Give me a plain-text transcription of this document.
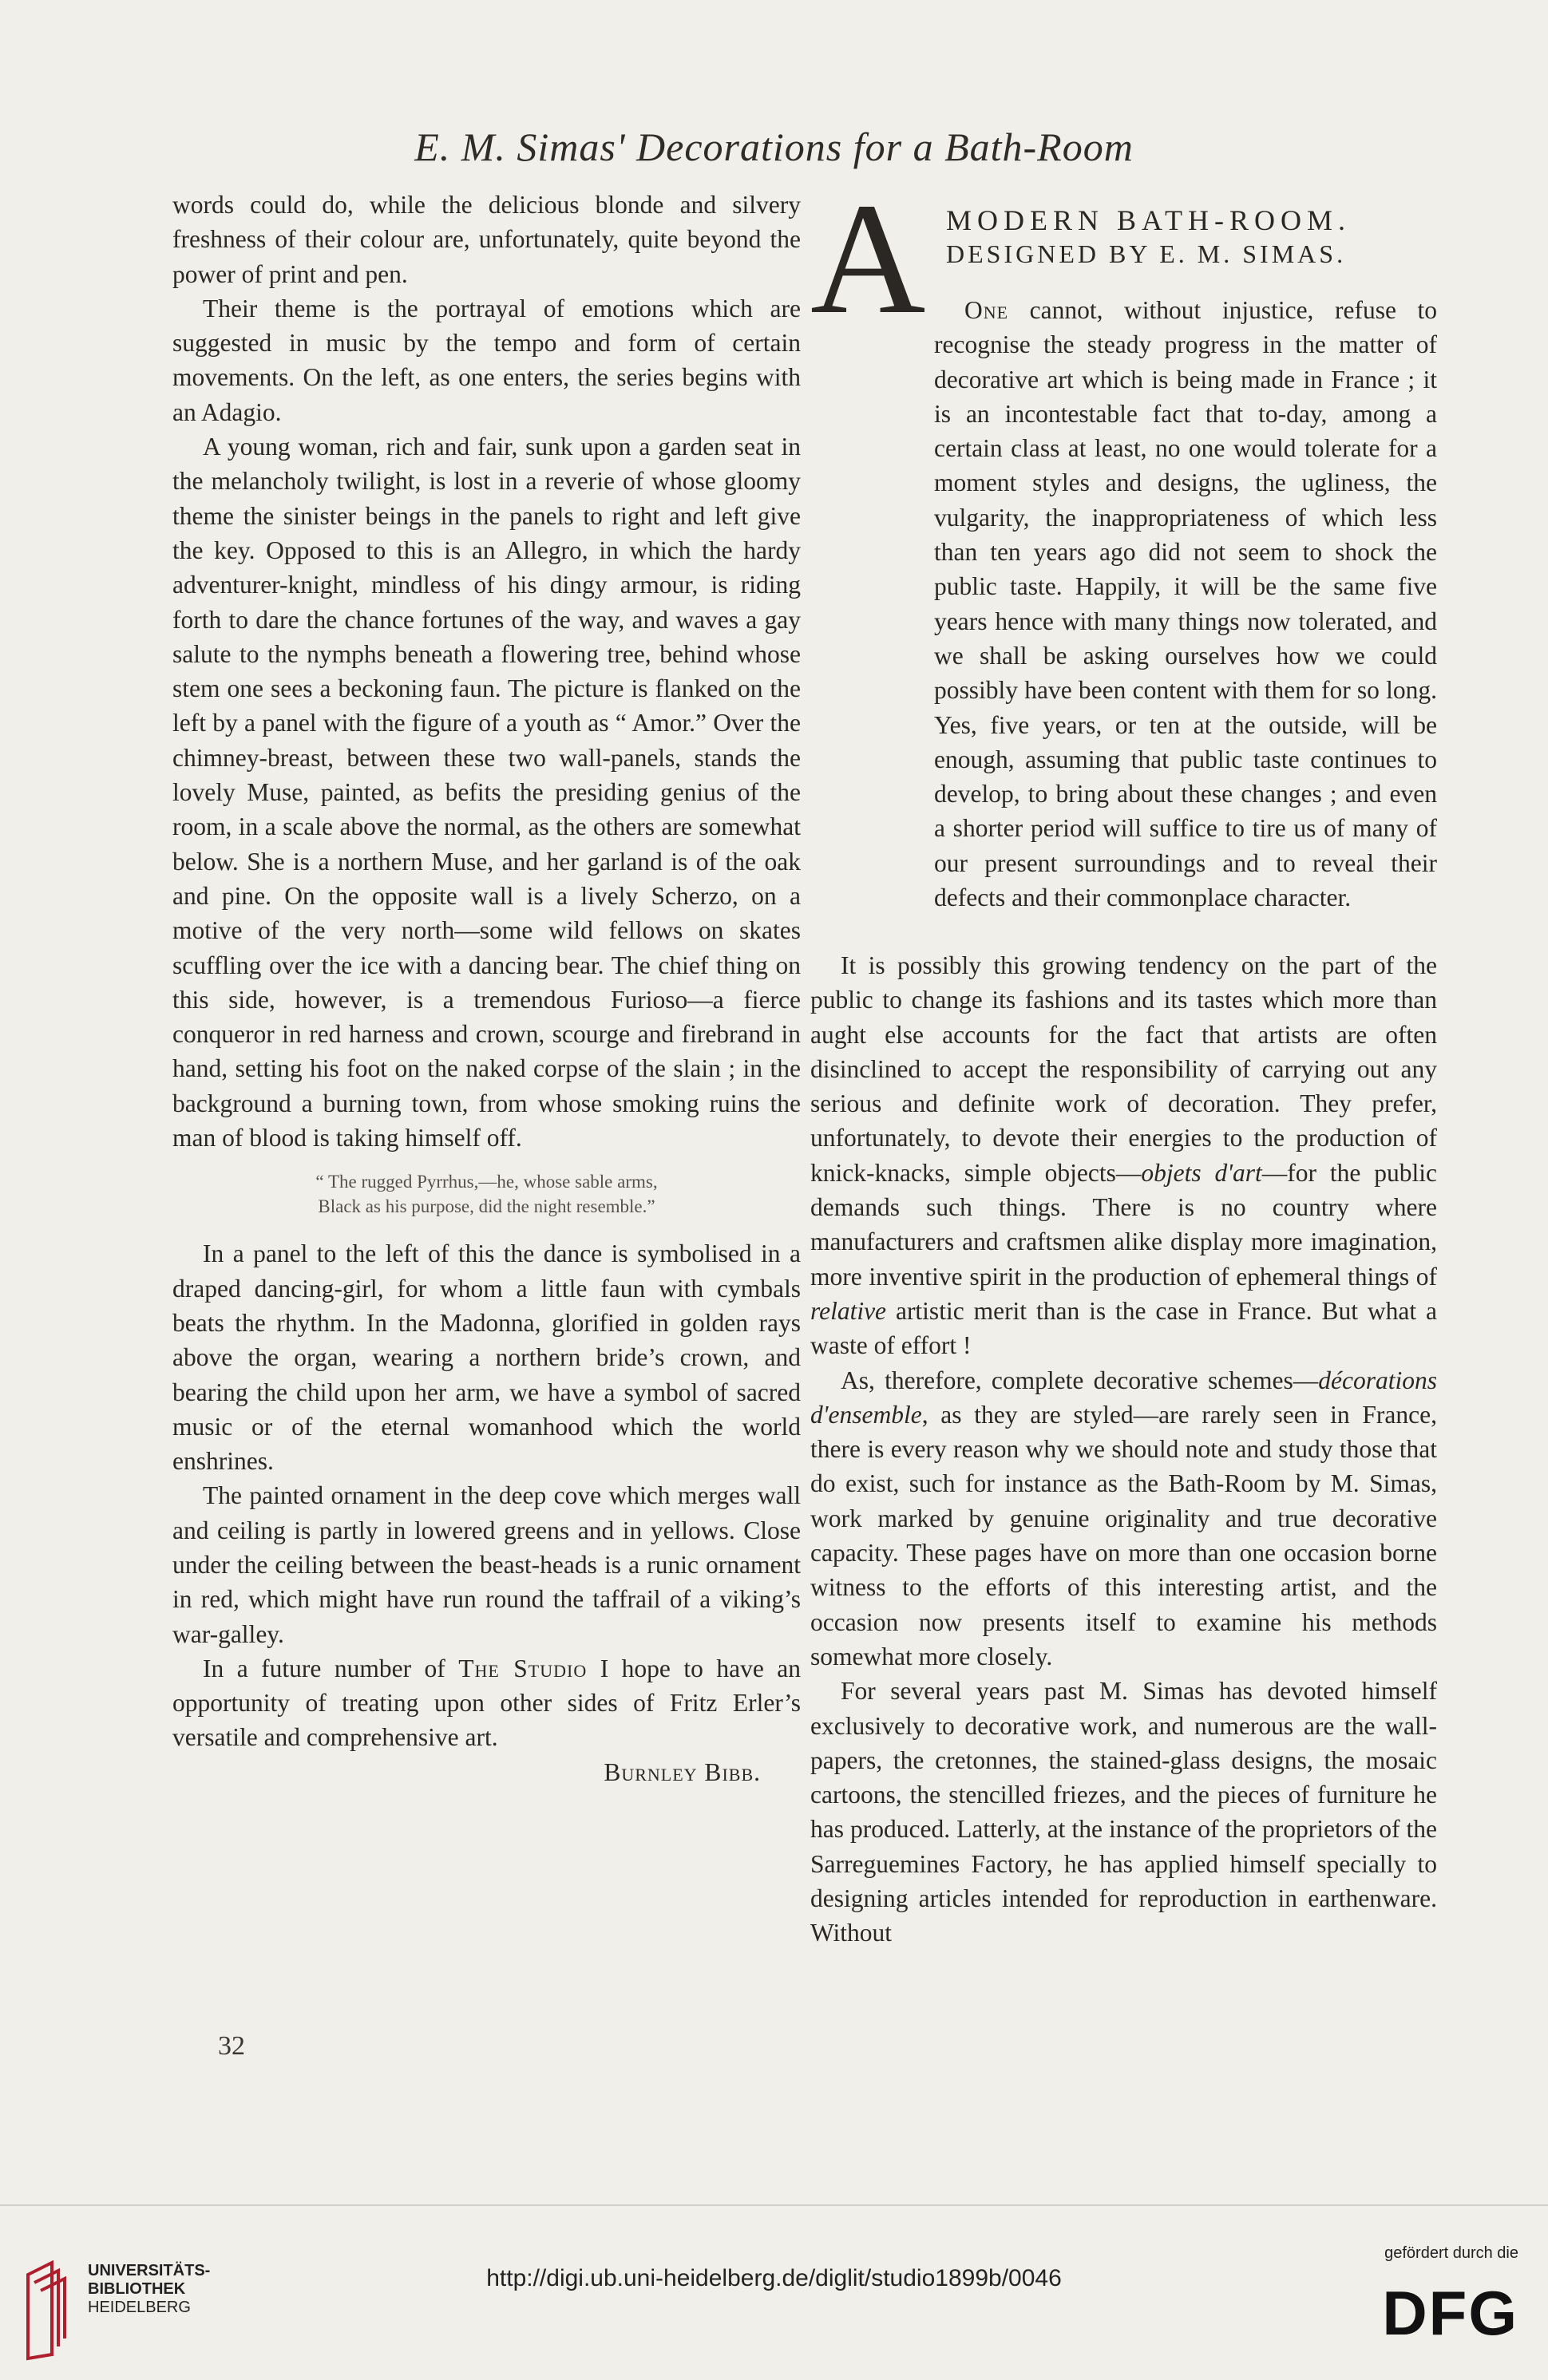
E. M. Simas' Decorations for a Bath-Room

words could do, while the delicious blonde and silvery freshness of their colour are, unfortunately, quite beyond the power of print and pen.

Their theme is the portrayal of emotions which are suggested in music by the tempo and form of certain movements. On the left, as one enters, the series begins with an Adagio.

A young woman, rich and fair, sunk upon a garden seat in the melancholy twilight, is lost in a reverie of whose gloomy theme the sinister beings in the panels to right and left give the key. Opposed to this is an Allegro, in which the hardy adventurer-knight, mindless of his dingy armour, is riding forth to dare the chance fortunes of the way, and waves a gay salute to the nymphs beneath a flowering tree, behind whose stem one sees a beckoning faun. The picture is flanked on the left by a panel with the figure of a youth as “ Amor.” Over the chimney-breast, between these two wall-panels, stands the lovely Muse, painted, as befits the presiding genius of the room, in a scale above the normal, as the others are somewhat below. She is a northern Muse, and her garland is of the oak and pine. On the opposite wall is a lively Scherzo, on a motive of the very north—some wild fellows on skates scuffling over the ice with a dancing bear. The chief thing on this side, however, is a tremendous Furioso—a fierce conqueror in red harness and crown, scourge and firebrand in hand, setting his foot on the naked corpse of the slain ; in the background a burning town, from whose smoking ruins the man of blood is taking himself off.

“ The rugged Pyrrhus,—he, whose sable arms,
Black as his purpose, did the night resemble.”

In a panel to the left of this the dance is symbolised in a draped dancing-girl, for whom a little faun with cymbals beats the rhythm. In the Madonna, glorified in golden rays above the organ, wearing a northern bride’s crown, and bearing the child upon her arm, we have a symbol of sacred music or of the eternal womanhood which the world enshrines.

The painted ornament in the deep cove which merges wall and ceiling is partly in lowered greens and in yellows. Close under the ceiling between the beast-heads is a runic ornament in red, which might have run round the taffrail of a viking’s war-galley.

In a future number of The Studio I hope to have an opportunity of treating upon other sides of Fritz Erler’s versatile and comprehensive art.

Burnley Bibb.

A MODERN BATH-ROOM.
DESIGNED BY E. M. SIMAS.

One cannot, without injustice, refuse to recognise the steady progress in the matter of decorative art which is being made in France ; it is an incontestable fact that to-day, among a certain class at least, no one would tolerate for a moment styles and designs, the ugliness, the vulgarity, the inappropriateness of which less than ten years ago did not seem to shock the public taste. Happily, it will be the same five years hence with many things now tolerated, and we shall be asking ourselves how we could possibly have been content with them for so long. Yes, five years, or ten at the outside, will be enough, assuming that public taste continues to develop, to bring about these changes ; and even a shorter period will suffice to tire us of many of our present surroundings and to reveal their defects and their commonplace character.

It is possibly this growing tendency on the part of the public to change its fashions and its tastes which more than aught else accounts for the fact that artists are often disinclined to accept the responsibility of carrying out any serious and definite work of decoration. They prefer, unfortunately, to devote their energies to the production of knick-knacks, simple objects—objets d'art—for the public demands such things. There is no country where manufacturers and craftsmen alike display more imagination, more inventive spirit in the production of ephemeral things of relative artistic merit than is the case in France. But what a waste of effort !

As, therefore, complete decorative schemes—décorations d'ensemble, as they are styled—are rarely seen in France, there is every reason why we should note and study those that do exist, such for instance as the Bath-Room by M. Simas, work marked by genuine originality and true decorative capacity. These pages have on more than one occasion borne witness to the efforts of this interesting artist, and the occasion now presents itself to examine his methods somewhat more closely.

For several years past M. Simas has devoted himself exclusively to decorative work, and numerous are the wall-papers, the cretonnes, the stained-glass designs, the mosaic cartoons, the stencilled friezes, and the pieces of furniture he has produced. Latterly, at the instance of the proprietors of the Sarreguemines Factory, he has applied himself specially to designing articles intended for reproduction in earthenware. Without

32
UNIVERSITÄTS-
BIBLIOTHEK
HEIDELBERG
http://digi.ub.uni-heidelberg.de/diglit/studio1899b/0046
gefördert durch die
DFG
